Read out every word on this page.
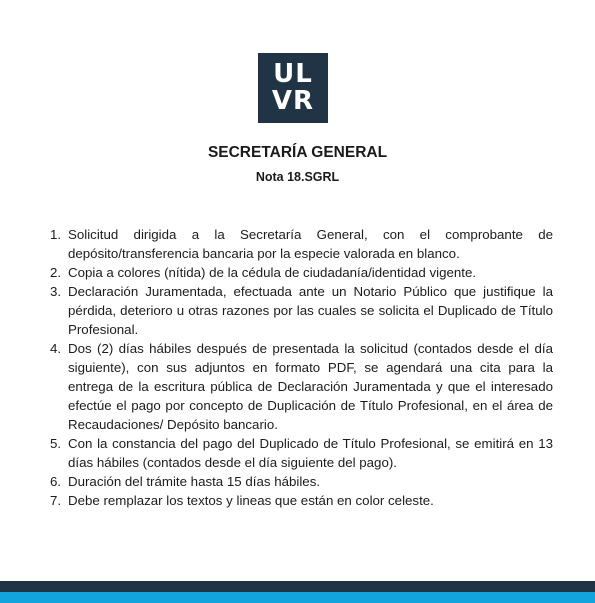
UL
VR
SECRETARÍA GENERAL
Nota 18.SGRL
1. Solicitud dirigida a la Secretaría General, con el comprobante de depósito/transferencia bancaria por la especie valorada en blanco.
2. Copia a colores (nítida) de la cédula de ciudadanía/identidad vigente.
3. Declaración Juramentada, efectuada ante un Notario Público que justifique la pérdida, deterioro u otras razones por las cuales se solicita el Duplicado de Título Profesional.
4. Dos (2) días hábiles después de presentada la solicitud (contados desde el día siguiente), con sus adjuntos en formato PDF, se agendará una cita para la entrega de la escritura pública de Declaración Juramentada y que el interesado efectúe el pago por concepto de Duplicación de Título Profesional, en el área de Recaudaciones/ Depósito bancario.
5. Con la constancia del pago del Duplicado de Título Profesional, se emitirá en 13 días hábiles (contados desde el día siguiente del pago).
6. Duración del trámite hasta 15 días hábiles.
7. Debe remplazar los textos y lineas que están en color celeste.
